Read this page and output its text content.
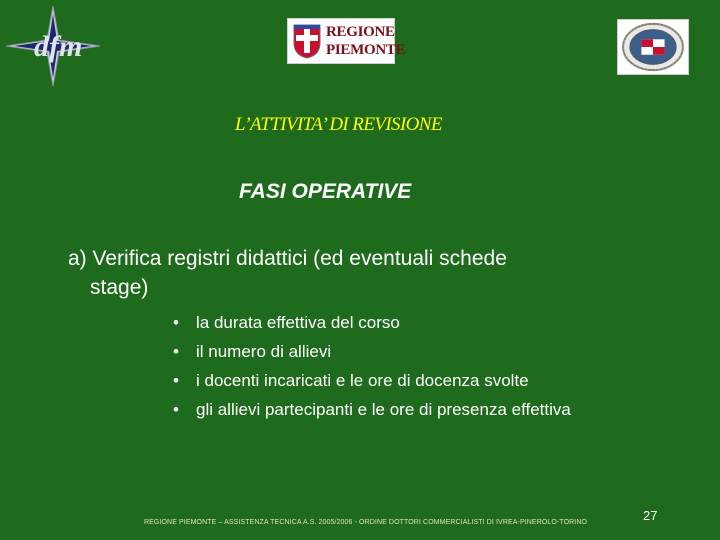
dfm	REGIONE
PIEMONTE
L’ATTIVITA’ DI REVISIONE
FASI OPERATIVE
a) Verifica registri didattici (ed eventuali schede
stage)
• la durata effettiva del corso
• il numero di allievi
• i docenti incaricati e le ore di docenza svolte
• gli allievi partecipanti e le ore di presenza effettiva
REGIONE PIEMONTE – ASSISTENZA TECNICA A.S. 2005/2006 - ORDINE DOTTORI COMMERCIALISTI DI IVREA-PINEROLO-TORINO	27
